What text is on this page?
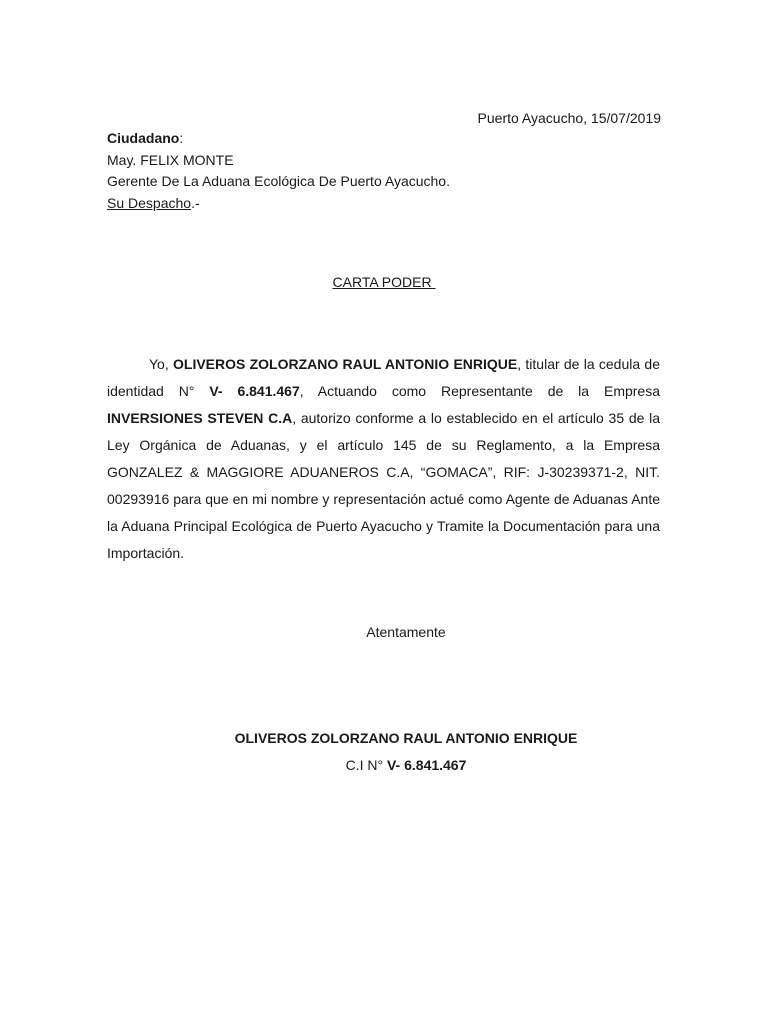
Puerto Ayacucho, 15/07/2019
Ciudadano:
May. FELIX MONTE
Gerente De La Aduana Ecológica De Puerto Ayacucho.
Su Despacho.-
CARTA PODER
Yo, OLIVEROS ZOLORZANO RAUL ANTONIO ENRIQUE, titular de la cedula de identidad N° V- 6.841.467, Actuando como Representante de la Empresa INVERSIONES STEVEN C.A, autorizo conforme a lo establecido en el artículo 35 de la Ley Orgánica de Aduanas, y el artículo 145 de su Reglamento, a la Empresa GONZALEZ & MAGGIORE ADUANEROS C.A, “GOMACA”, RIF: J-30239371-2, NIT. 00293916 para que en mi nombre y representación actué como Agente de Aduanas Ante la Aduana Principal Ecológica de Puerto Ayacucho y Tramite la Documentación para una Importación.
Atentamente
OLIVEROS ZOLORZANO RAUL ANTONIO ENRIQUE
C.I N° V- 6.841.467
